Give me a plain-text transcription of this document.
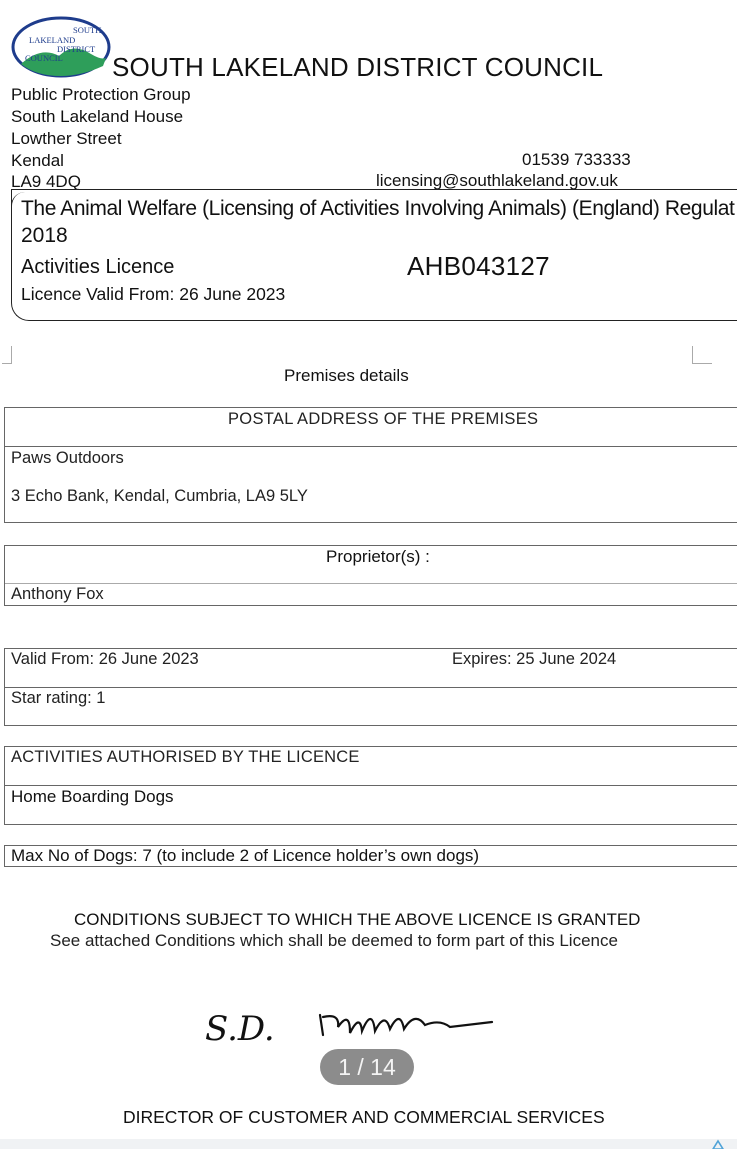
SOUTH
LAKELAND
DISTRICT
COUNCIL SOUTH LAKELAND DISTRICT COUNCIL
Public Protection Group
South Lakeland House
Lowther Street
Kendal
LA9 4DQ
01539 733333
licensing@southlakeland.gov.uk
The Animal Welfare (Licensing of Activities Involving Animals) (England) Regulat
2018
Activities Licence	AHB043127
Licence Valid From: 26 June 2023
Premises details
POSTAL ADDRESS OF THE PREMISES
Paws Outdoors
3 Echo Bank, Kendal, Cumbria, LA9 5LY
Proprietor(s) :
Anthony Fox
Valid From: 26 June 2023	Expires: 25 June 2024
Star rating: 1
ACTIVITIES AUTHORISED BY THE LICENCE
Home Boarding Dogs
Max No of Dogs: 7 (to include 2 of Licence holder’s own dogs)
CONDITIONS SUBJECT TO WHICH THE ABOVE LICENCE IS GRANTED
See attached Conditions which shall be deemed to form part of this Licence
S.D.
1 / 14
DIRECTOR OF CUSTOMER AND COMMERCIAL SERVICES
